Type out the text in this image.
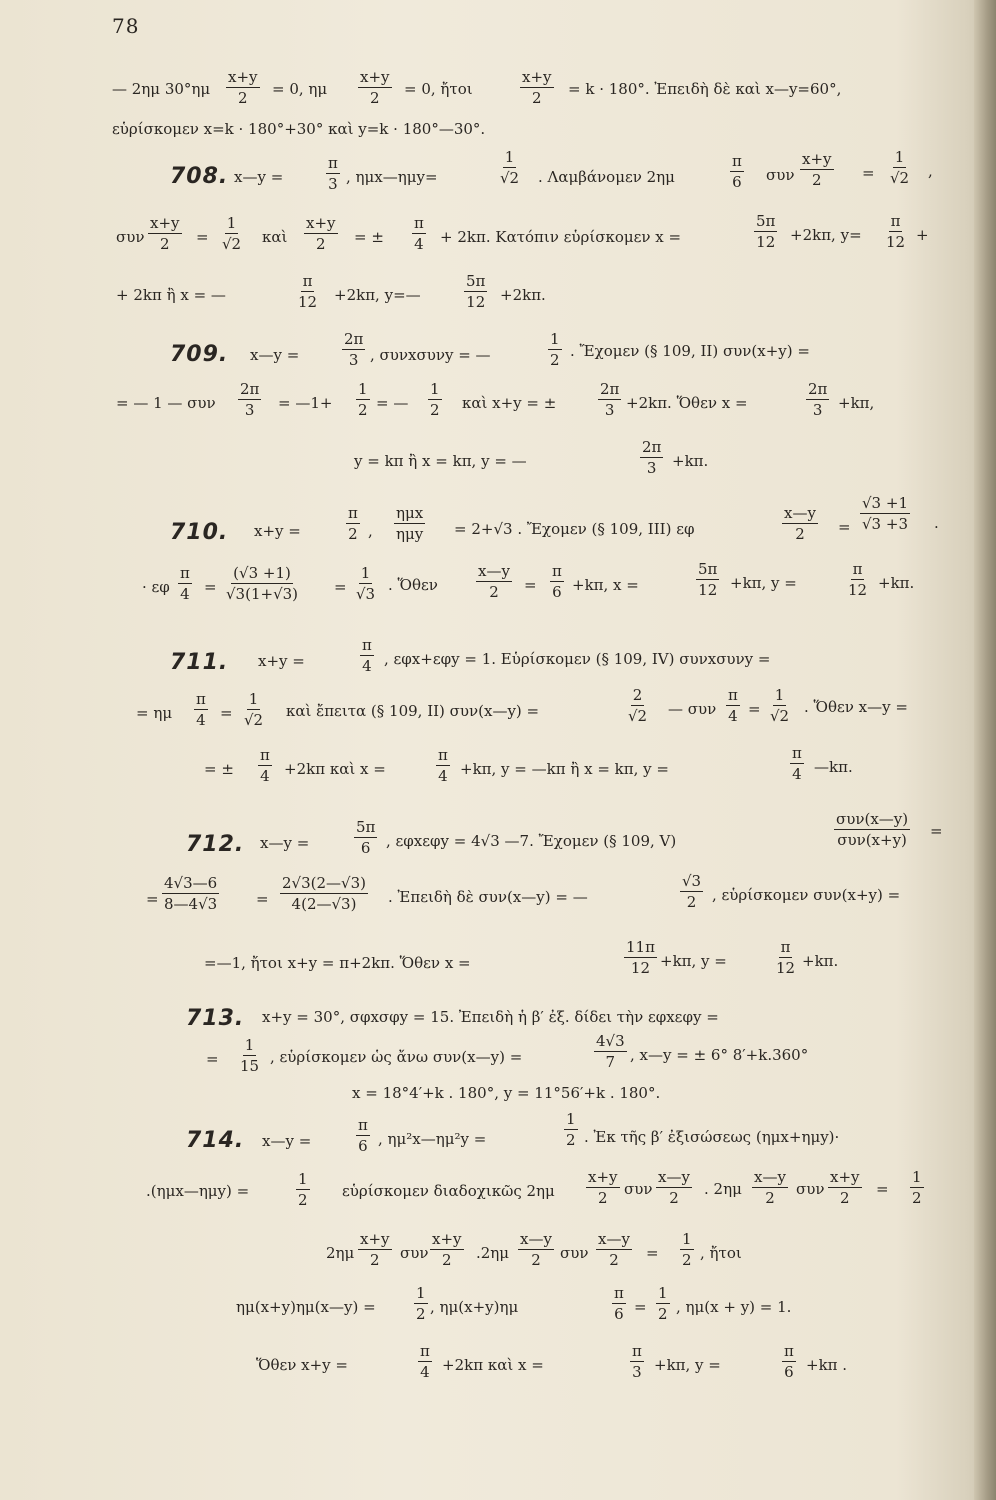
78
— 2ημ 30°ημ
x+y
2 = 0, ημ
x+y
2 = 0, ἤτοι
x+y
2 = k · 180°. Ἐπειδὴ δὲ καὶ x—y=60°,
εὑρίσκομεν x=k · 180°+30° καὶ y=k · 180°—30°.
708. x—y =
π
3 , ημx—ημy=
1
√2 . Λαμβάνομεν 2ημ
π
6 συν
x+y
2	=
1
√2 ,
συν
x+y
2 =
1
√2 καὶ
x+y
2 = ±
π
4 + 2kπ. Κατόπιν εὑρίσκομεν x =
5π
12 +2kπ, y=
π
12 +
+ 2kπ ἢ x = —
π
12 +2kπ, y=—
5π
12 +2kπ.
709. x—y =
2π
3 , συνxσυνy = —
1
2 . Ἔχομεν (§ 109, II) συν(x+y) =
= — 1 — συν
2π
3 = —1+
1
2 = —
1
2 καὶ x+y = ±
2π
3 +2kπ. Ὅθεν x =
2π
3 +kπ,
y = kπ ἢ x = kπ, y = —
2π
3 +kπ.
710. x+y =
π
2 ,
ημx
ημy = 2+√3 . Ἔχομεν (§ 109, III) εφ
x—y
2 =
√3 +1
√3 +3 .
· εφ
π
4 =
(√3 +1)
√3(1+√3) =
1
√3 . Ὅθεν
x—y
2 =
π
6 +kπ, x =
5π
12 +kπ, y =
π
12 +kπ.
711. x+y =
π
4 , εφx+εφy = 1. Εὑρίσκομεν (§ 109, IV) συνxσυνy =
= ημ
π
4 =
1
√2 καὶ ἔπειτα (§ 109, II) συν(x—y) =
2
√2 — συν
π
4 =
1
√2 . Ὅθεν x—y =
= ±
π
4 +2kπ καὶ x =
π
4 +kπ, y = —kπ ἢ x = kπ, y =
π
4 —kπ.
712. x—y =
5π
6 , εφxεφy = 4√3 —7. Ἔχομεν (§ 109, V)
συν(x—y)
συν(x+y) =
=
4√3—6
8—4√3	=
2√3(2—√3)
4(2—√3) . Ἐπειδὴ δὲ συν(x—y) = —
√3
2 , εὑρίσκομεν συν(x+y) =
=—1, ἤτοι x+y = π+2kπ. Ὅθεν x =
11π
12 +kπ, y =
π
12 +kπ.
713. x+y = 30°, σφxσφy = 15. Ἐπειδὴ ἡ β′ ἐξ. δίδει τὴν εφxεφy =
=
1
15 , εὑρίσκομεν ὡς ἄνω συν(x—y) =
4√3
7 , x—y = ± 6° 8′+k.360°
x = 18°4′+k . 180°, y = 11°56′+k . 180°.
714. x—y =
π
6 , ημ²x—ημ²y =
1
2 . Ἐκ τῆς β′ ἐξισώσεως (ημx+ημy)·
.(ημx—ημy) =
1
2 εὑρίσκομεν διαδοχικῶς 2ημ
x+y
2 συν
x—y
2 . 2ημ
x—y
2 συν
x+y
2 =
1
2
2ημ
x+y
2 συν
x+y
2 .2ημ
x—y
2 συν
x—y
2 =
1
2 , ἤτοι
ημ(x+y)ημ(x—y) =
1
2 , ημ(x+y)ημ
π
6 =
1
2 , ημ(x + y) = 1.
Ὅθεν x+y =
π
4 +2kπ καὶ x =
π
3 +kπ, y =
π
6 +kπ .
